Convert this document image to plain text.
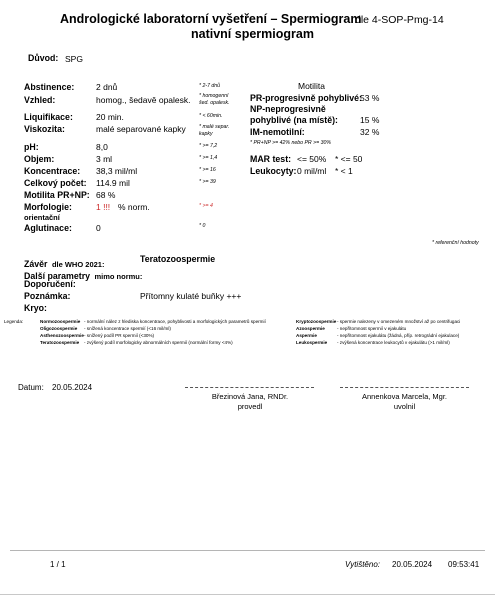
Andrologické laboratorní vyšetření – Spermiogram
dle 4-SOP-Pmg-14
nativní spermiogram
Důvod: SPG
Abstinence:	2 dnů	* 2-7 dnů
Vzhled:	homog., šedavě opalesk. * homogenní
šed. opalesk.
Liquifikace:	20 min.	* < 60min.
Viskozita:	malé separované kapky	* malé separ.
kapky
pH:	8,0	* >= 7,2
Objem:	3 ml	* >= 1,4
Koncentrace: 38,3 mil/ml	* >= 16
Celkový počet: 114.9 mil	* >= 39
Motilita PR+NP: 68 %
Morfologie:
orientační
1 !!! % norm.	* >= 4
Aglutinace:	0	* 0
Motilita
PR-progresivně pohyblivé:
53 %
NP-neprogresivně
pohyblivé (na místě):	15 %
IM-nemotilní:	32 %
* PR+NP >= 42% nebo PR >= 30%
MAR test: <= 50% * <= 50
Leukocyty: 0 mil/ml * < 1
* referenční hodnoty
Závěr dle WHO 2021:
Teratozoospermie
Další parametry mimo normu:
Doporučení:
Poznámka:	Přítomny kulaté buňky +++
Kryo:
Legenda:	Normozoospermie - normální nález z hlediska koncentrace, pohyblivosti a morfologických parametrů spermií
Oligozoospermie - snížená koncentrace spermií (<16 mil/ml)
Asthenozoospermie - snížený podíl PR spermií (<30%)
Teratozoospermie - zvýšený podíl morfologicky abnormálních spermií (normální formy <4%)
Kryptozoospermie - spermie nalezeny v omezeném množství až po centrifugaci
Azoospermie	- nepřítomnost spermií v ejakulátu
Aspermie	- nepřítomnost ejakulátu (žádná, příp. retrográdní ejakulace)
Leukospermie - zvýšená koncentrace leukocytů v ejakulátu (>1 mil/ml)
Datum: 20.05.2024
Březinová Jana, RNDr.
provedl
Annenkova Marcela, Mgr.
uvolnil
1 / 1	Vytištěno: 20.05.2024 09:53:41
